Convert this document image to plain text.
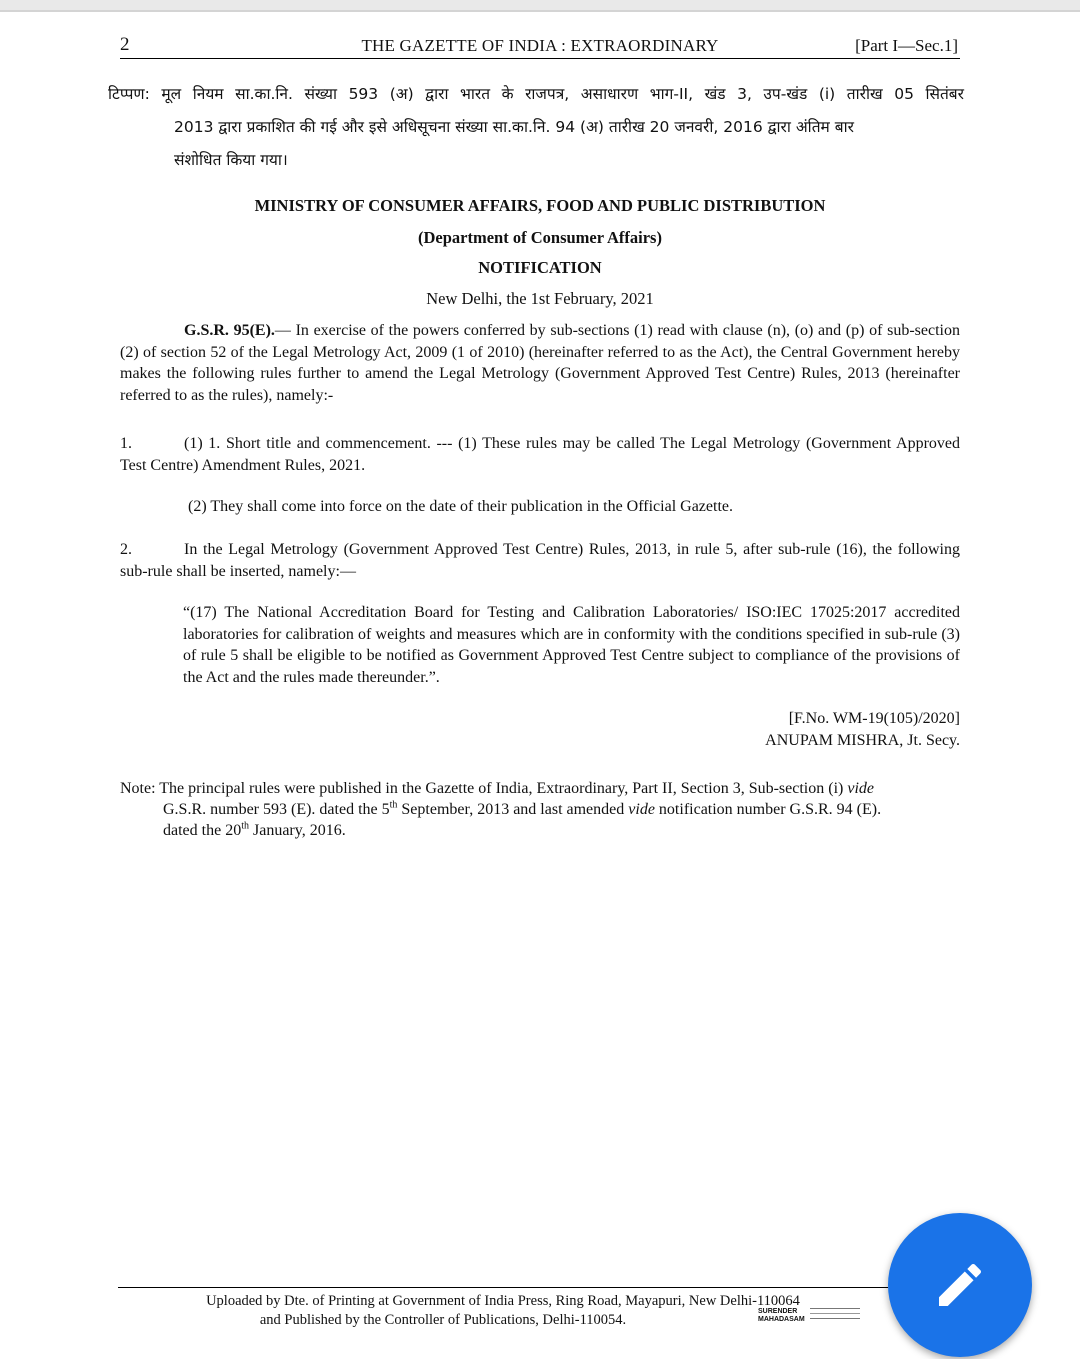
2	THE GAZETTE OF INDIA : EXTRAORDINARY	[Part I—Sec.1]
टिप्पण: मूल नियम सा.का.नि. संख्या 593 (अ) द्वारा भारत के राजपत्र, असाधारण भाग-II, खंड 3, उप-खंड (i) तारीख 05 सितंबर
2013 द्वारा प्रकाशित की गई और इसे अधिसूचना संख्या सा.का.नि. 94 (अ) तारीख 20 जनवरी, 2016 द्वारा अंतिम बार
संशोधित किया गया।
MINISTRY OF CONSUMER AFFAIRS, FOOD AND PUBLIC DISTRIBUTION
(Department of Consumer Affairs)
NOTIFICATION
New Delhi, the 1st February, 2021
G.S.R. 95(E).— In exercise of the powers conferred by sub-sections (1) read with clause (n), (o) and (p) of sub-section (2) of section 52 of the Legal Metrology Act, 2009 (1 of 2010) (hereinafter referred to as the Act), the Central Government hereby makes the following rules further to amend the Legal Metrology (Government Approved Test Centre) Rules, 2013 (hereinafter referred to as the rules), namely:-
1.	(1) 1. Short title and commencement. --- (1) These rules may be called The Legal Metrology (Government Approved Test Centre) Amendment Rules, 2021.
(2) They shall come into force on the date of their publication in the Official Gazette.
2.	In the Legal Metrology (Government Approved Test Centre) Rules, 2013, in rule 5, after sub-rule (16), the following sub-rule shall be inserted, namely:—
“(17) The National Accreditation Board for Testing and Calibration Laboratories/ ISO:IEC 17025:2017 accredited laboratories for calibration of weights and measures which are in conformity with the conditions specified in sub-rule (3) of rule 5 shall be eligible to be notified as Government Approved Test Centre subject to compliance of the provisions of the Act and the rules made thereunder.”.
[F.No. WM-19(105)/2020]
ANUPAM MISHRA, Jt. Secy.
Note: The principal rules were published in the Gazette of India, Extraordinary, Part II, Section 3, Sub-section (i) vide
G.S.R. number 593 (E). dated the 5th September, 2013 and last amended vide notification number G.S.R. 94 (E).
dated the 20th January, 2016.
Uploaded by Dte. of Printing at Government of India Press, Ring Road, Mayapuri, New Delhi-110064
and Published by the Controller of Publications, Delhi-110054.
SURENDER
MAHADASAM
